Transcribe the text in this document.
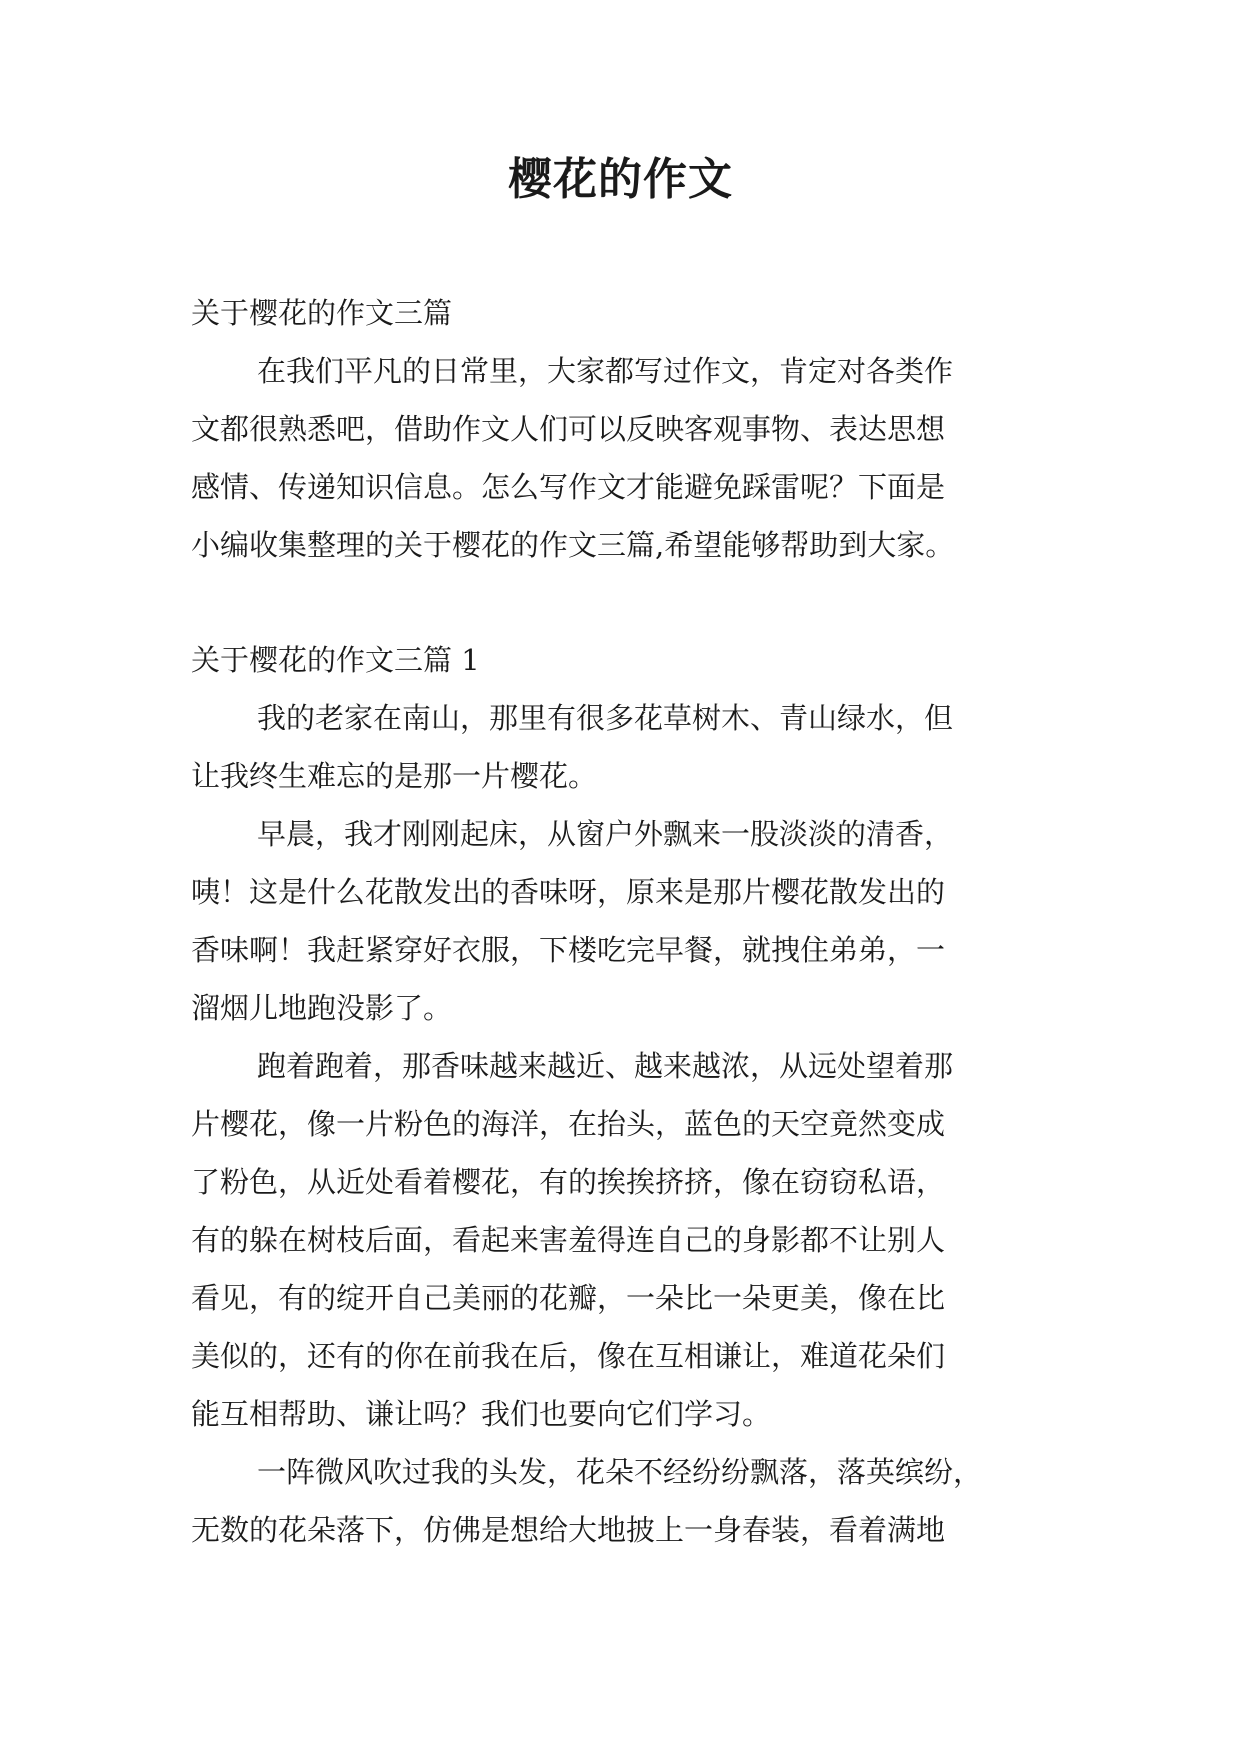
樱花的作文
关于樱花的作文三篇
在我们平凡的日常里，大家都写过作文，肯定对各类作
文都很熟悉吧，借助作文人们可以反映客观事物、表达思想
感情、传递知识信息。怎么写作文才能避免踩雷呢？下面是
小编收集整理的关于樱花的作文三篇,希望能够帮助到大家。
关于樱花的作文三篇 1
我的老家在南山，那里有很多花草树木、青山绿水，但
让我终生难忘的是那一片樱花。
早晨，我才刚刚起床，从窗户外飘来一股淡淡的清香，
咦！这是什么花散发出的香味呀，原来是那片樱花散发出的
香味啊！我赶紧穿好衣服，下楼吃完早餐，就拽住弟弟，一
溜烟儿地跑没影了。
跑着跑着，那香味越来越近、越来越浓，从远处望着那
片樱花，像一片粉色的海洋，在抬头，蓝色的天空竟然变成
了粉色，从近处看着樱花，有的挨挨挤挤，像在窃窃私语，
有的躲在树枝后面，看起来害羞得连自己的身影都不让别人
看见，有的绽开自己美丽的花瓣，一朵比一朵更美，像在比
美似的，还有的你在前我在后，像在互相谦让，难道花朵们
能互相帮助、谦让吗？我们也要向它们学习。
一阵微风吹过我的头发，花朵不经纷纷飘落，落英缤纷，
无数的花朵落下，仿佛是想给大地披上一身春装，看着满地
